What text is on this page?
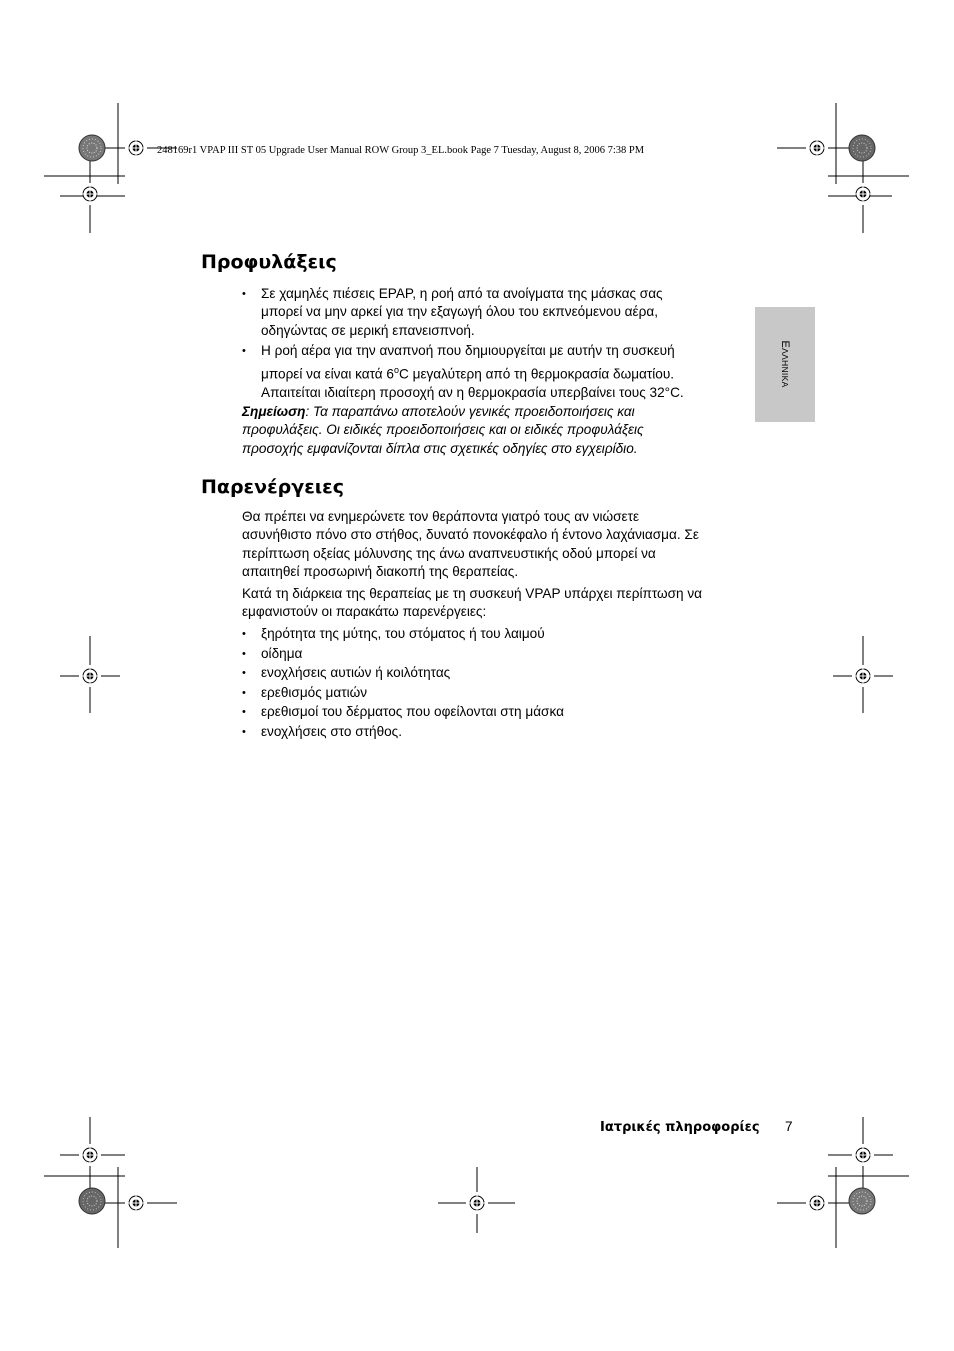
248169r1 VPAP III ST 05 Upgrade User Manual ROW Group 3_EL.book Page 7 Tuesday, August 8, 2006 7:38 PM
ΕΛΛΗΝΙΚΑ
Προφυλάξεις
• Σε χαμηλές πιέσεις EPAP, η ροή από τα ανοίγματα της μάσκας σας
μπορεί να μην αρκεί για την εξαγωγή όλου του εκπνεόμενου αέρα,
οδηγώντας σε μερική επανεισπνοή.
• Η ροή αέρα για την αναπνοή που δημιουργείται με αυτήν τη συσκευή
μπορεί να είναι κατά 6$^o$C μεγαλύτερη από τη θερμοκρασία δωματίου.
Απαιτείται ιδιαίτερη προσοχή αν η θερμοκρασία υπερβαίνει τους 32°C.
Σημείωση: Τα παραπάνω αποτελούν γενικές προειδοποιήσεις και
προφυλάξεις. Οι ειδικές προειδοποιήσεις και οι ειδικές προφυλάξεις
προσοχής εμφανίζονται δίπλα στις σχετικές οδηγίες στο εγχειρίδιο.
Παρενέργειες
Θα πρέπει να ενημερώνετε τον θεράποντα γιατρό τους αν νιώσετε
ασυνήθιστο πόνο στο στήθος, δυνατό πονοκέφαλο ή έντονο λαχάνιασμα. Σε
περίπτωση οξείας μόλυνσης της άνω αναπνευστικής οδού μπορεί να
απαιτηθεί προσωρινή διακοπή της θεραπείας.
Κατά τη διάρκεια της θεραπείας με τη συσκευή VPAP υπάρχει περίπτωση να
εμφανιστούν οι παρακάτω παρενέργειες:
• ξηρότητα της μύτης, του στόματος ή του λαιμού
• οίδημα
• ενοχλήσεις αυτιών ή κοιλότητας
• ερεθισμός ματιών
• ερεθισμοί του δέρματος που οφείλονται στη μάσκα
• ενοχλήσεις στο στήθος.
Ιατρικές πληροφορίες 7
